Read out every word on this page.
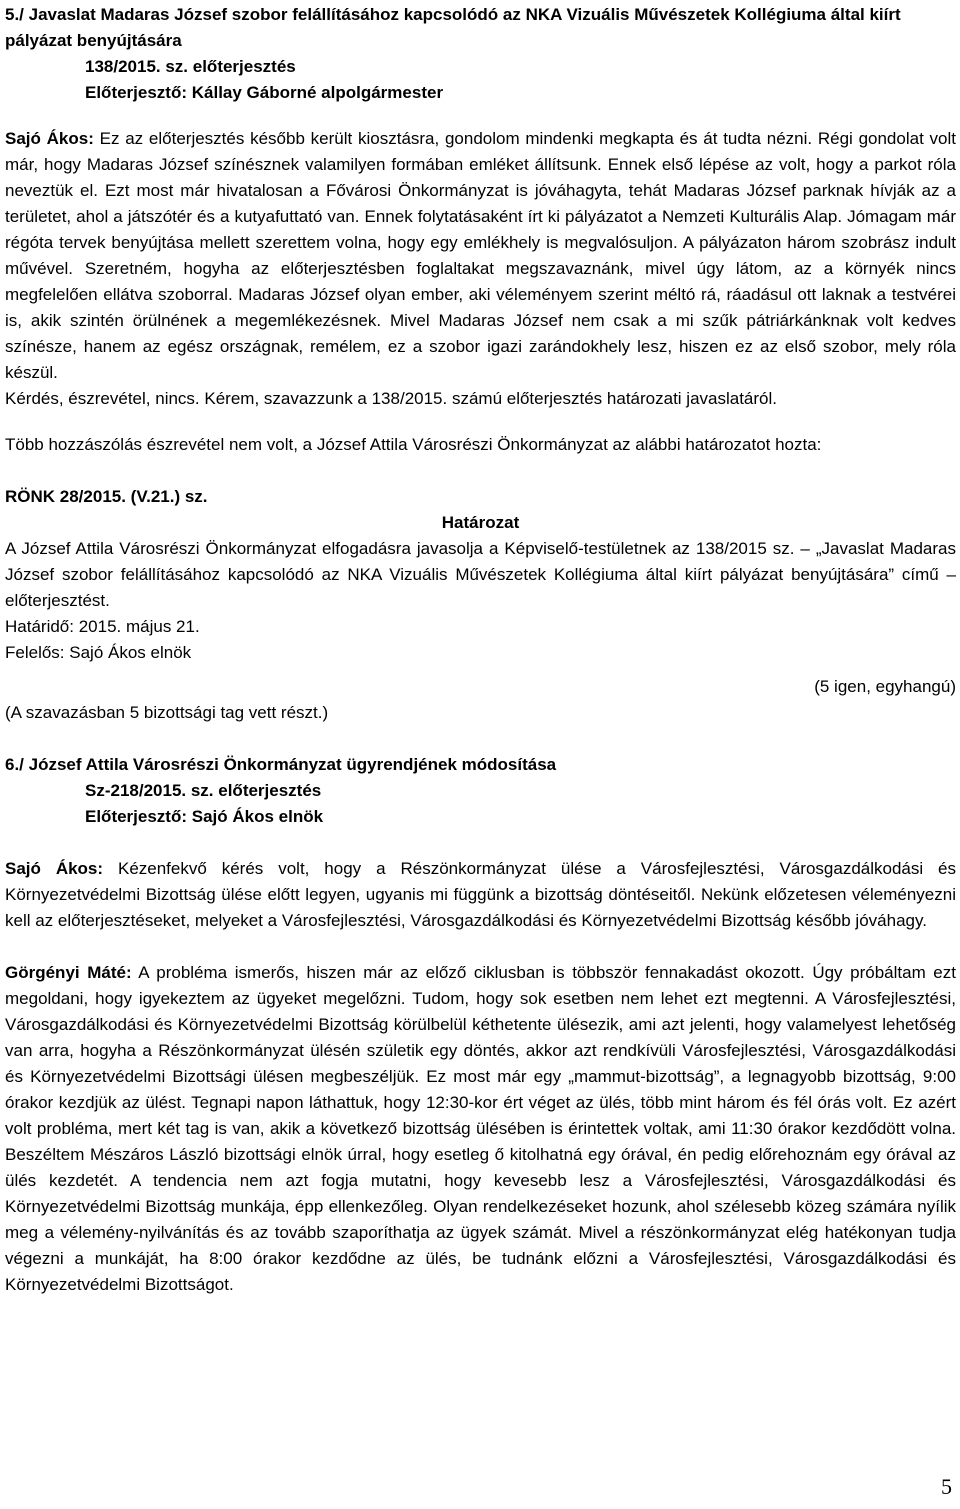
5./ Javaslat Madaras József szobor felállításához kapcsolódó az NKA Vizuális Művészetek Kollégiuma által kiírt pályázat benyújtására

138/2015. sz. előterjesztés

Előterjesztő: Kállay Gáborné alpolgármester

Sajó Ákos: Ez az előterjesztés később került kiosztásra, gondolom mindenki megkapta és át tudta nézni. Régi gondolat volt már, hogy Madaras József színésznek valamilyen formában emléket állítsunk. Ennek első lépése az volt, hogy a parkot róla neveztük el. Ezt most már hivatalosan a Fővárosi Önkormányzat is jóváhagyta, tehát Madaras József parknak hívják az a területet, ahol a játszótér és a kutyafuttató van. Ennek folytatásaként írt ki pályázatot a Nemzeti Kulturális Alap. Jómagam már régóta tervek benyújtása mellett szerettem volna, hogy egy emlékhely is megvalósuljon. A pályázaton három szobrász indult művével. Szeretném, hogyha az előterjesztésben foglaltakat megszavaznánk, mivel úgy látom, az a környék nincs megfelelően ellátva szoborral. Madaras József olyan ember, aki véleményem szerint méltó rá, ráadásul ott laknak a testvérei is, akik szintén örülnének a megemlékezésnek. Mivel Madaras József nem csak a mi szűk pátriárkánknak volt kedves színésze, hanem az egész országnak, remélem, ez a szobor igazi zarándokhely lesz, hiszen ez az első szobor, mely róla készül.

Kérdés, észrevétel, nincs. Kérem, szavazzunk a 138/2015. számú előterjesztés határozati javaslatáról.

Több hozzászólás észrevétel nem volt, a József Attila Városrészi Önkormányzat az alábbi határozatot hozta:

RÖNK 28/2015. (V.21.) sz.

Határozat

A József Attila Városrészi Önkormányzat elfogadásra javasolja a Képviselő-testületnek az 138/2015 sz. – „Javaslat Madaras József szobor felállításához kapcsolódó az NKA Vizuális Művészetek Kollégiuma által kiírt pályázat benyújtására” című – előterjesztést.

Határidő: 2015. május 21.

Felelős: Sajó Ákos elnök

(5 igen, egyhangú)

(A szavazásban 5 bizottsági tag vett részt.)

6./ József Attila Városrészi Önkormányzat ügyrendjének módosítása

Sz-218/2015. sz. előterjesztés

Előterjesztő: Sajó Ákos elnök

Sajó Ákos: Kézenfekvő kérés volt, hogy a Részönkormányzat ülése a Városfejlesztési, Városgazdálkodási és Környezetvédelmi Bizottság ülése előtt legyen, ugyanis mi függünk a bizottság döntéseitől. Nekünk előzetesen véleményezni kell az előterjesztéseket, melyeket a Városfejlesztési, Városgazdálkodási és Környezetvédelmi Bizottság később jóváhagy.

Görgényi Máté: A probléma ismerős, hiszen már az előző ciklusban is többször fennakadást okozott. Úgy próbáltam ezt megoldani, hogy igyekeztem az ügyeket megelőzni. Tudom, hogy sok esetben nem lehet ezt megtenni. A Városfejlesztési, Városgazdálkodási és Környezetvédelmi Bizottság körülbelül kéthetente ülésezik, ami azt jelenti, hogy valamelyest lehetőség van arra, hogyha a Részönkormányzat ülésén születik egy döntés, akkor azt rendkívüli Városfejlesztési, Városgazdálkodási és Környezetvédelmi Bizottsági ülésen megbeszéljük. Ez most már egy „mammut-bizottság”, a legnagyobb bizottság, 9:00 órakor kezdjük az ülést. Tegnapi napon láthattuk, hogy 12:30-kor ért véget az ülés, több mint három és fél órás volt. Ez azért volt probléma, mert két tag is van, akik a következő bizottság ülésében is érintettek voltak, ami 11:30 órakor kezdődött volna. Beszéltem Mészáros László bizottsági elnök úrral, hogy esetleg ő kitolhatná egy órával, én pedig előrehoznám egy órával az ülés kezdetét. A tendencia nem azt fogja mutatni, hogy kevesebb lesz a Városfejlesztési, Városgazdálkodási és Környezetvédelmi Bizottság munkája, épp ellenkezőleg. Olyan rendelkezéseket hozunk, ahol szélesebb közeg számára nyílik meg a vélemény-nyilvánítás és az tovább szaporíthatja az ügyek számát. Mivel a részönkormányzat elég hatékonyan tudja végezni a munkáját, ha 8:00 órakor kezdődne az ülés, be tudnánk előzni a Városfejlesztési, Városgazdálkodási és Környezetvédelmi Bizottságot.

5
